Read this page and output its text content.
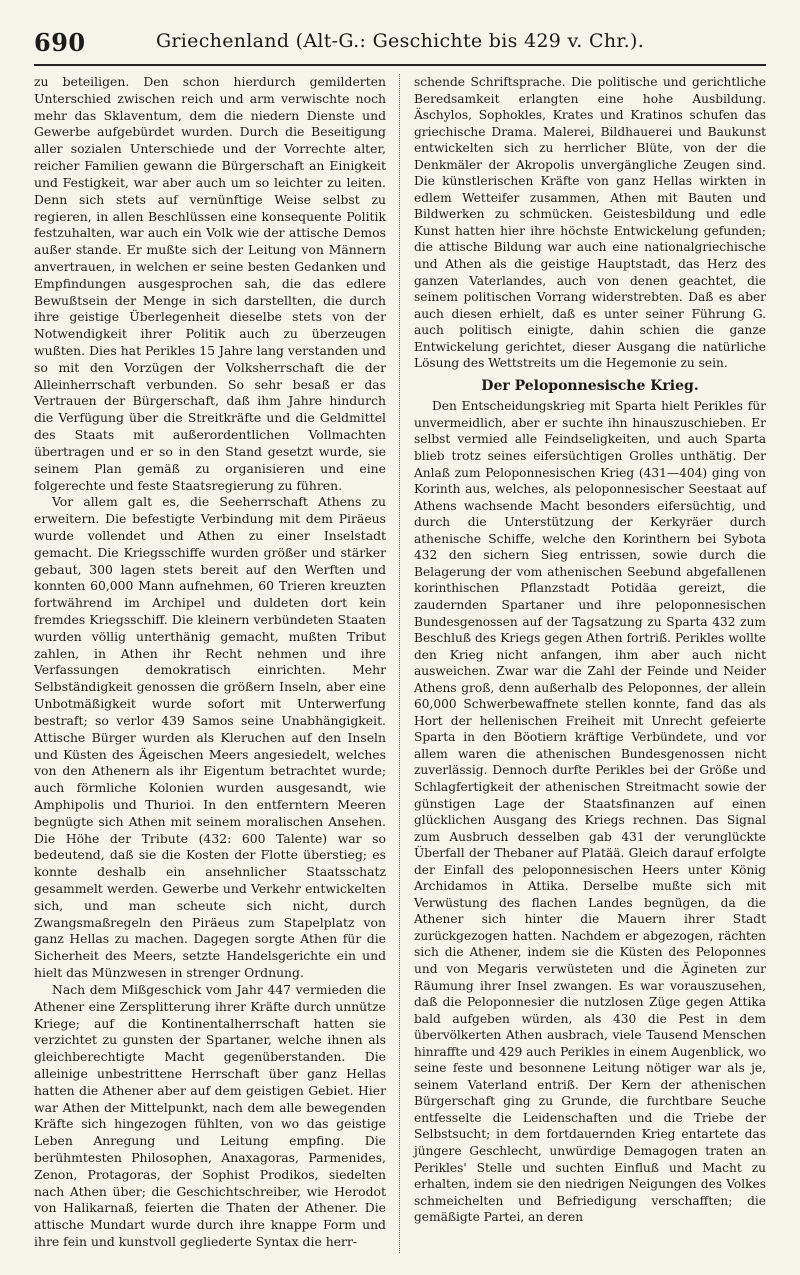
690	Griechenland (Alt-G.: Geschichte bis 429 v. Chr.).

zu beteiligen. Den schon hierdurch gemilderten Unterschied zwischen reich und arm verwischte noch mehr das Sklaventum, dem die niedern Dienste und Gewerbe aufgebürdet wurden. Durch die Beseitigung aller sozialen Unterschiede und der Vorrechte alter, reicher Familien gewann die Bürgerschaft an Einigkeit und Festigkeit, war aber auch um so leichter zu leiten. Denn sich stets auf vernünftige Weise selbst zu regieren, in allen Beschlüssen eine konsequente Politik festzuhalten, war auch ein Volk wie der attische Demos außer stande. Er mußte sich der Leitung von Männern anvertrauen, in welchen er seine besten Gedanken und Empfindungen ausgesprochen sah, die das edlere Bewußtsein der Menge in sich darstellten, die durch ihre geistige Überlegenheit dieselbe stets von der Notwendigkeit ihrer Politik auch zu überzeugen wußten. Dies hat Perikles 15 Jahre lang verstanden und so mit den Vorzügen der Volksherrschaft die der Alleinherrschaft verbunden. So sehr besaß er das Vertrauen der Bürgerschaft, daß ihm Jahre hindurch die Verfügung über die Streitkräfte und die Geldmittel des Staats mit außerordentlichen Vollmachten übertragen und er so in den Stand gesetzt wurde, sie seinem Plan gemäß zu organisieren und eine folgerechte und feste Staatsregierung zu führen.

Vor allem galt es, die Seeherrschaft Athens zu erweitern. Die befestigte Verbindung mit dem Piräeus wurde vollendet und Athen zu einer Inselstadt gemacht. Die Kriegsschiffe wurden größer und stärker gebaut, 300 lagen stets bereit auf den Werften und konnten 60,000 Mann aufnehmen, 60 Trieren kreuzten fortwährend im Archipel und duldeten dort kein fremdes Kriegsschiff. Die kleinern verbündeten Staaten wurden völlig unterthänig gemacht, mußten Tribut zahlen, in Athen ihr Recht nehmen und ihre Verfassungen demokratisch einrichten. Mehr Selbständigkeit genossen die größern Inseln, aber eine Unbotmäßigkeit wurde sofort mit Unterwerfung bestraft; so verlor 439 Samos seine Unabhängigkeit. Attische Bürger wurden als Kleruchen auf den Inseln und Küsten des Ägeischen Meers angesiedelt, welches von den Athenern als ihr Eigentum betrachtet wurde; auch förmliche Kolonien wurden ausgesandt, wie Amphipolis und Thurioi. In den entferntern Meeren begnügte sich Athen mit seinem moralischen Ansehen. Die Höhe der Tribute (432: 600 Talente) war so bedeutend, daß sie die Kosten der Flotte überstieg; es konnte deshalb ein ansehnlicher Staatsschatz gesammelt werden. Gewerbe und Verkehr entwickelten sich, und man scheute sich nicht, durch Zwangsmaßregeln den Piräeus zum Stapelplatz von ganz Hellas zu machen. Dagegen sorgte Athen für die Sicherheit des Meers, setzte Handelsgerichte ein und hielt das Münzwesen in strenger Ordnung.

Nach dem Mißgeschick vom Jahr 447 vermieden die Athener eine Zersplitterung ihrer Kräfte durch unnütze Kriege; auf die Kontinentalherrschaft hatten sie verzichtet zu gunsten der Spartaner, welche ihnen als gleichberechtigte Macht gegenüberstanden. Die alleinige unbestrittene Herrschaft über ganz Hellas hatten die Athener aber auf dem geistigen Gebiet. Hier war Athen der Mittelpunkt, nach dem alle bewegenden Kräfte sich hingezogen fühlten, von wo das geistige Leben Anregung und Leitung empfing. Die berühmtesten Philosophen, Anaxagoras, Parmenides, Zenon, Protagoras, der Sophist Prodikos, siedelten nach Athen über; die Geschichtschreiber, wie Herodot von Halikarnaß, feierten die Thaten der Athener. Die attische Mundart wurde durch ihre knappe Form und ihre fein und kunstvoll gegliederte Syntax die herr-

schende Schriftsprache. Die politische und gerichtliche Beredsamkeit erlangten eine hohe Ausbildung. Äschylos, Sophokles, Krates und Kratinos schufen das griechische Drama. Malerei, Bildhauerei und Baukunst entwickelten sich zu herrlicher Blüte, von der die Denkmäler der Akropolis unvergängliche Zeugen sind. Die künstlerischen Kräfte von ganz Hellas wirkten in edlem Wetteifer zusammen, Athen mit Bauten und Bildwerken zu schmücken. Geistesbildung und edle Kunst hatten hier ihre höchste Entwickelung gefunden; die attische Bildung war auch eine nationalgriechische und Athen als die geistige Hauptstadt, das Herz des ganzen Vaterlandes, auch von denen geachtet, die seinem politischen Vorrang widerstrebten. Daß es aber auch diesen erhielt, daß es unter seiner Führung G. auch politisch einigte, dahin schien die ganze Entwickelung gerichtet, dieser Ausgang die natürliche Lösung des Wettstreits um die Hegemonie zu sein.

Der Peloponnesische Krieg.

Den Entscheidungskrieg mit Sparta hielt Perikles für unvermeidlich, aber er suchte ihn hinauszuschieben. Er selbst vermied alle Feindseligkeiten, und auch Sparta blieb trotz seines eifersüchtigen Grolles unthätig. Der Anlaß zum Peloponnesischen Krieg (431—404) ging von Korinth aus, welches, als peloponnesischer Seestaat auf Athens wachsende Macht besonders eifersüchtig, und durch die Unterstützung der Kerkyräer durch athenische Schiffe, welche den Korinthern bei Sybota 432 den sichern Sieg entrissen, sowie durch die Belagerung der vom athenischen Seebund abgefallenen korinthischen Pflanzstadt Potidäa gereizt, die zaudernden Spartaner und ihre peloponnesischen Bundesgenossen auf der Tagsatzung zu Sparta 432 zum Beschluß des Kriegs gegen Athen fortriß. Perikles wollte den Krieg nicht anfangen, ihm aber auch nicht ausweichen. Zwar war die Zahl der Feinde und Neider Athens groß, denn außerhalb des Peloponnes, der allein 60,000 Schwerbewaffnete stellen konnte, fand das als Hort der hellenischen Freiheit mit Unrecht gefeierte Sparta in den Böotiern kräftige Verbündete, und vor allem waren die athenischen Bundesgenossen nicht zuverlässig. Dennoch durfte Perikles bei der Größe und Schlagfertigkeit der athenischen Streitmacht sowie der günstigen Lage der Staatsfinanzen auf einen glücklichen Ausgang des Kriegs rechnen. Das Signal zum Ausbruch desselben gab 431 der verunglückte Überfall der Thebaner auf Platää. Gleich darauf erfolgte der Einfall des peloponnesischen Heers unter König Archidamos in Attika. Derselbe mußte sich mit Verwüstung des flachen Landes begnügen, da die Athener sich hinter die Mauern ihrer Stadt zurückgezogen hatten. Nachdem er abgezogen, rächten sich die Athener, indem sie die Küsten des Peloponnes und von Megaris verwüsteten und die Ägineten zur Räumung ihrer Insel zwangen. Es war vorauszusehen, daß die Peloponnesier die nutzlosen Züge gegen Attika bald aufgeben würden, als 430 die Pest in dem übervölkerten Athen ausbrach, viele Tausend Menschen hinraffte und 429 auch Perikles in einem Augenblick, wo seine feste und besonnene Leitung nötiger war als je, seinem Vaterland entriß. Der Kern der athenischen Bürgerschaft ging zu Grunde, die furchtbare Seuche entfesselte die Leidenschaften und die Triebe der Selbstsucht; in dem fortdauernden Krieg entartete das jüngere Geschlecht, unwürdige Demagogen traten an Perikles' Stelle und suchten Einfluß und Macht zu erhalten, indem sie den niedrigen Neigungen des Volkes schmeichelten und Befriedigung verschafften; die gemäßigte Partei, an deren
